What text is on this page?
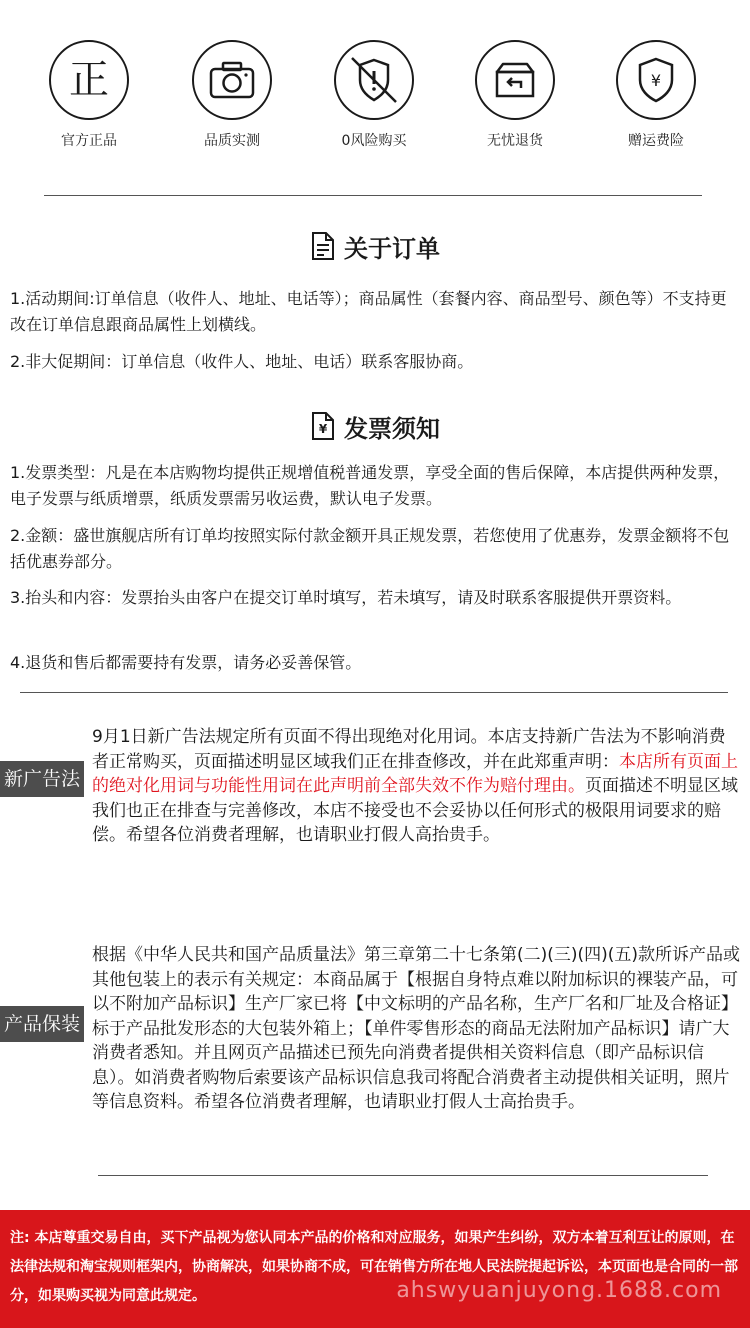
正
官方正品	品质实测	0风险购买	无忧退货
¥
赠运费险
关于订单
1.活动期间:订单信息（收件人、地址、电话等）；商品属性（套餐内容、商品型号、颜色等）不支持更改在订单信息跟商品属性上划横线。
2.非大促期间：订单信息（收件人、地址、电话）联系客服协商。
¥ 发票须知
1.发票类型：凡是在本店购物均提供正规增值税普通发票，享受全面的售后保障，本店提供两种发票，电子发票与纸质增票，纸质发票需另收运费，默认电子发票。
2.金额：盛世旗舰店所有订单均按照实际付款金额开具正规发票，若您使用了优惠券，发票金额将不包括优惠券部分。
3.抬头和内容：发票抬头由客户在提交订单时填写，若未填写，请及时联系客服提供开票资料。
4.退货和售后都需要持有发票，请务必妥善保管。
新广告法
9月1日新广告法规定所有页面不得出现绝对化用词。本店支持新广告法为不影响消费者正常购买，页面描述明显区域我们正在排查修改，并在此郑重声明：本店所有页面上的绝对化用词与功能性用词在此声明前全部失效不作为赔付理由。页面描述不明显区域我们也正在排查与完善修改，本店不接受也不会妥协以任何形式的极限用词要求的赔偿。希望各位消费者理解，也请职业打假人高抬贵手。
产品保装
根据《中华人民共和国产品质量法》第三章第二十七条第(二)(三)(四)(五)款所诉产品或其他包装上的表示有关规定：本商品属于【根据自身特点难以附加标识的裸装产品，可以不附加产品标识】生产厂家已将【中文标明的产品名称，生产厂名和厂址及合格证】标于产品批发形态的大包装外箱上；【单件零售形态的商品无法附加产品标识】请广大消费者悉知。并且网页产品描述已预先向消费者提供相关资料信息（即产品标识信息）。如消费者购物后索要该产品标识信息我司将配合消费者主动提供相关证明，照片等信息资料。希望各位消费者理解，也请职业打假人士高抬贵手。
注: 本店尊重交易自由，买下产品视为您认同本产品的价格和对应服务，如果产生纠纷，双方本着互利互让的原则，在法律法规和淘宝规则框架内，协商解决，如果协商不成，可在销售方所在地人民法院提起诉讼，本页面也是合同的一部分，如果购买视为同意此规定。	ahswyuanjuyong.1688.com
